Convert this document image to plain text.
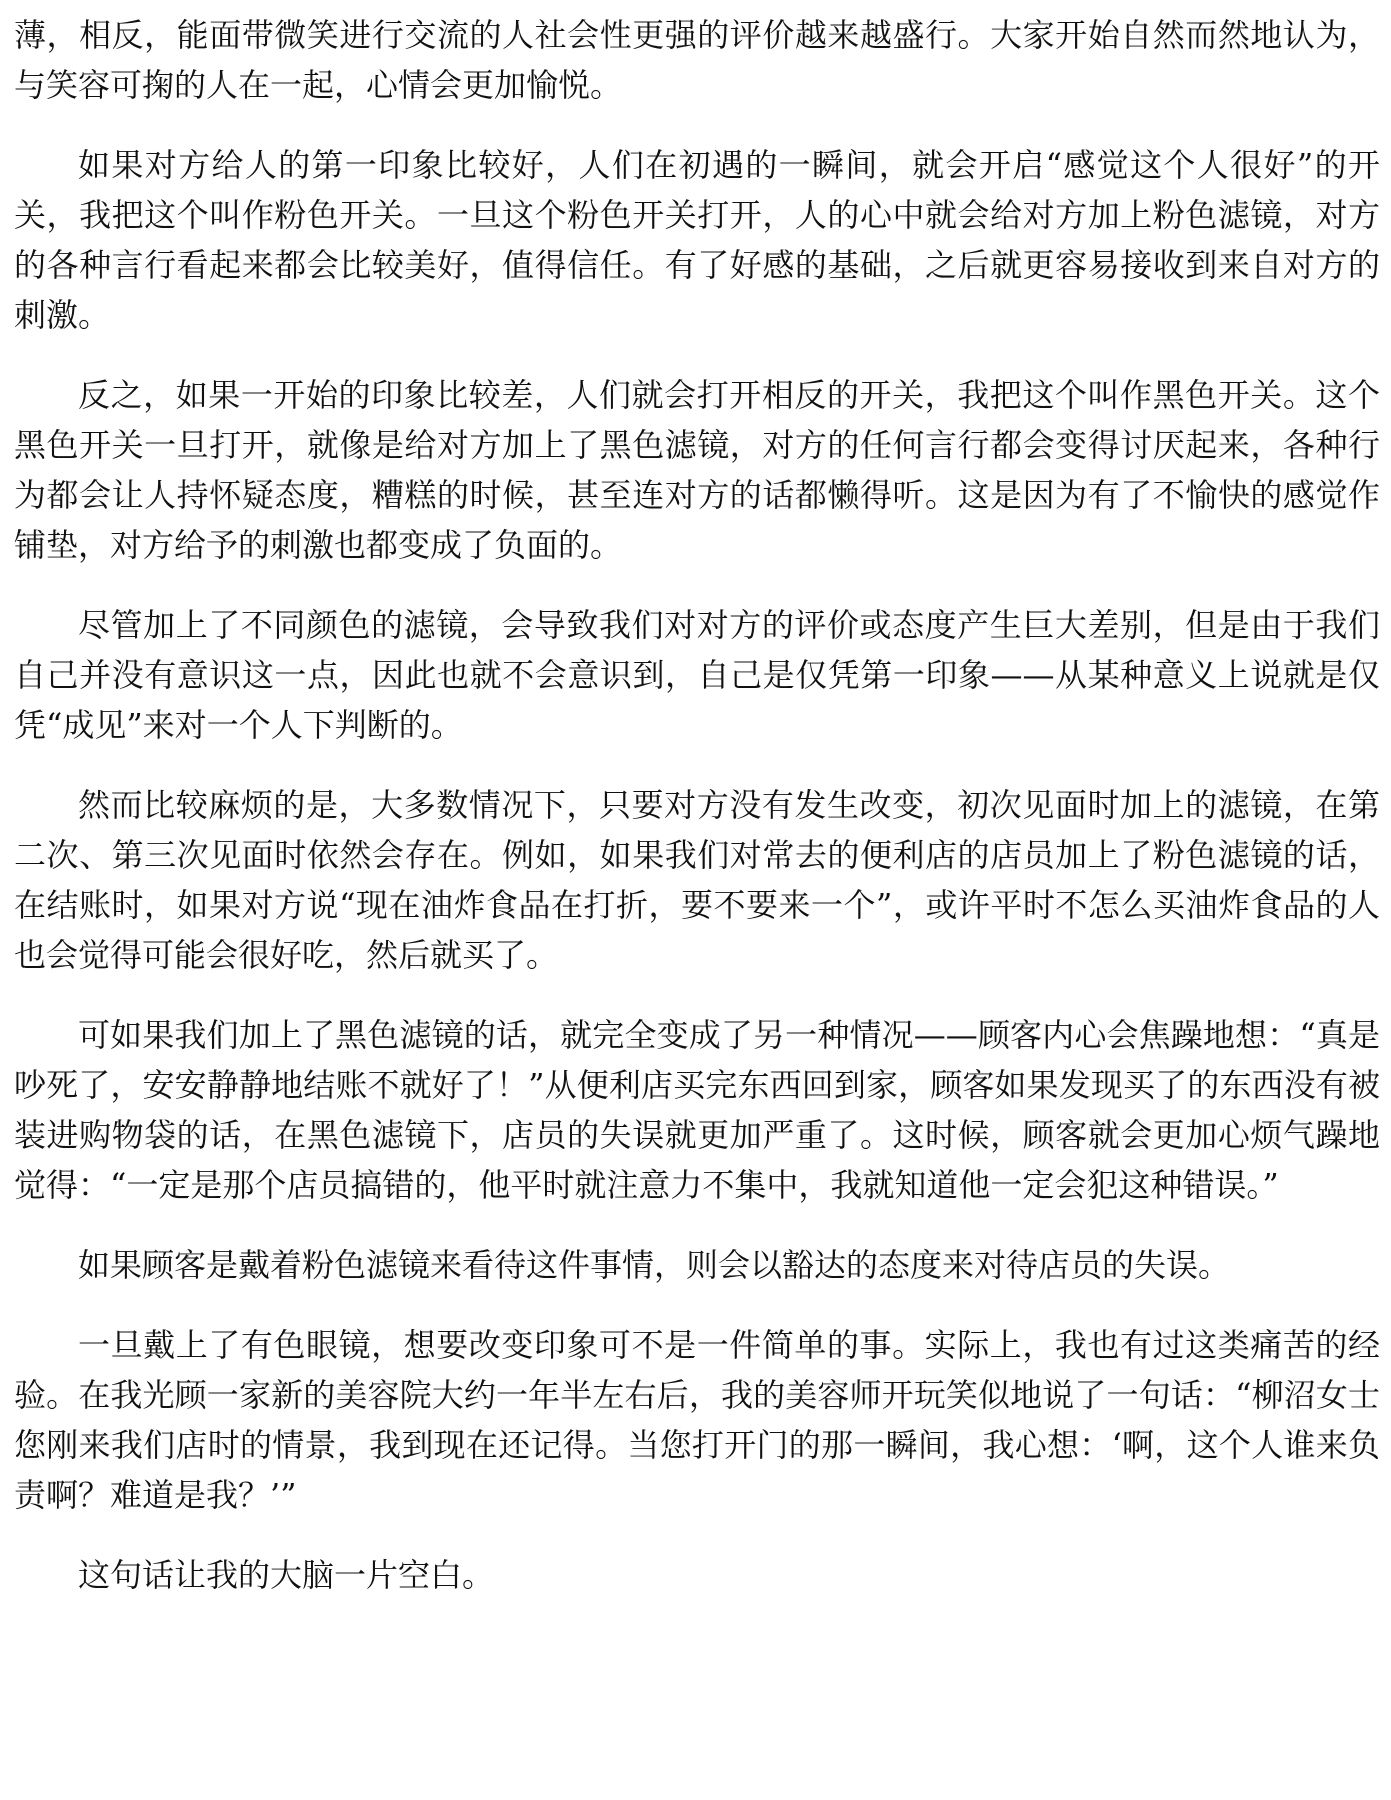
薄，相反，能面带微笑进行交流的人社会性更强的评价越来越盛行。大家开始自然而然地认为，与笑容可掬的人在一起，心情会更加愉悦。

如果对方给人的第一印象比较好，人们在初遇的一瞬间，就会开启“感觉这个人很好”的开关，我把这个叫作粉色开关。一旦这个粉色开关打开，人的心中就会给对方加上粉色滤镜，对方的各种言行看起来都会比较美好，值得信任。有了好感的基础，之后就更容易接收到来自对方的刺激。

反之，如果一开始的印象比较差，人们就会打开相反的开关，我把这个叫作黑色开关。这个黑色开关一旦打开，就像是给对方加上了黑色滤镜，对方的任何言行都会变得讨厌起来，各种行为都会让人持怀疑态度，糟糕的时候，甚至连对方的话都懒得听。这是因为有了不愉快的感觉作铺垫，对方给予的刺激也都变成了负面的。

尽管加上了不同颜色的滤镜，会导致我们对对方的评价或态度产生巨大差别，但是由于我们自己并没有意识这一点，因此也就不会意识到，自己是仅凭第一印象——从某种意义上说就是仅凭“成见”来对一个人下判断的。

然而比较麻烦的是，大多数情况下，只要对方没有发生改变，初次见面时加上的滤镜，在第二次、第三次见面时依然会存在。例如，如果我们对常去的便利店的店员加上了粉色滤镜的话，在结账时，如果对方说“现在油炸食品在打折，要不要来一个”，或许平时不怎么买油炸食品的人也会觉得可能会很好吃，然后就买了。

可如果我们加上了黑色滤镜的话，就完全变成了另一种情况——顾客内心会焦躁地想：“真是吵死了，安安静静地结账不就好了！”从便利店买完东西回到家，顾客如果发现买了的东西没有被装进购物袋的话，在黑色滤镜下，店员的失误就更加严重了。这时候，顾客就会更加心烦气躁地觉得：“一定是那个店员搞错的，他平时就注意力不集中，我就知道他一定会犯这种错误。”

如果顾客是戴着粉色滤镜来看待这件事情，则会以豁达的态度来对待店员的失误。

一旦戴上了有色眼镜，想要改变印象可不是一件简单的事。实际上，我也有过这类痛苦的经验。在我光顾一家新的美容院大约一年半左右后，我的美容师开玩笑似地说了一句话：“柳沼女士您刚来我们店时的情景，我到现在还记得。当您打开门的那一瞬间，我心想：‘啊，这个人谁来负责啊？难道是我？’”

这句话让我的大脑一片空白。
